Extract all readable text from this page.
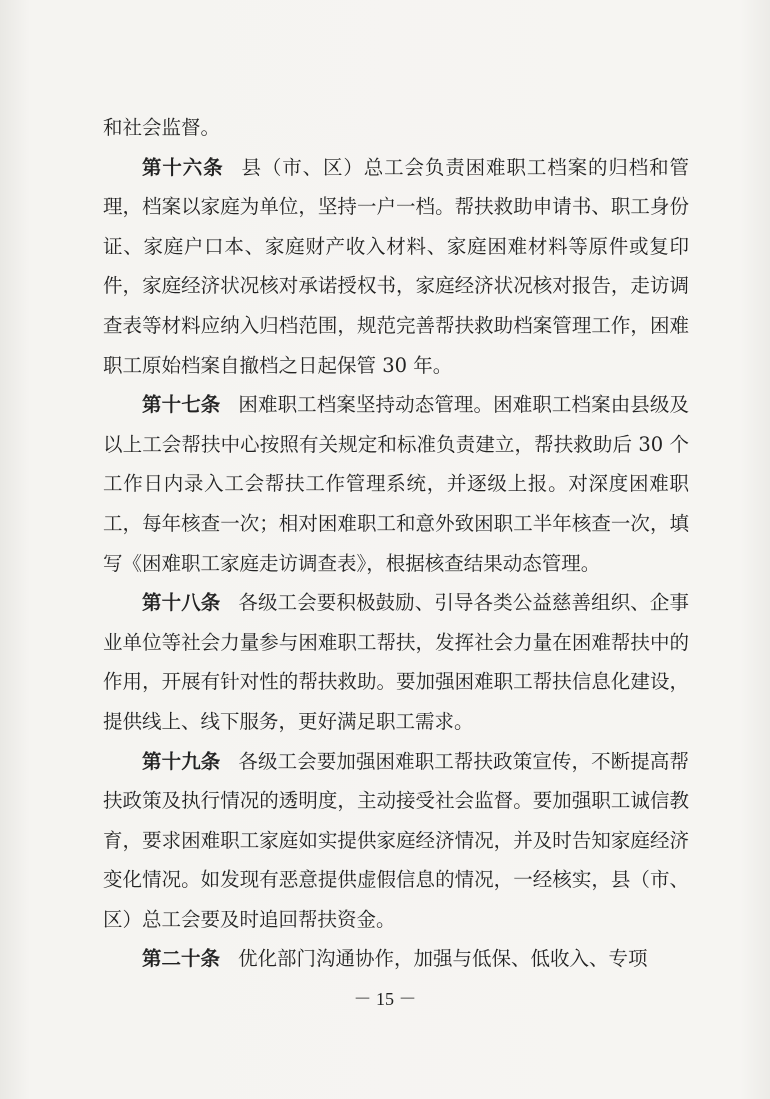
和社会监督。

第十六条 县（市、区）总工会负责困难职工档案的归档和管理，档案以家庭为单位，坚持一户一档。帮扶救助申请书、职工身份证、家庭户口本、家庭财产收入材料、家庭困难材料等原件或复印件，家庭经济状况核对承诺授权书，家庭经济状况核对报告，走访调查表等材料应纳入归档范围，规范完善帮扶救助档案管理工作，困难职工原始档案自撤档之日起保管 30 年。

第十七条 困难职工档案坚持动态管理。困难职工档案由县级及以上工会帮扶中心按照有关规定和标准负责建立，帮扶救助后 30 个工作日内录入工会帮扶工作管理系统，并逐级上报。对深度困难职工，每年核查一次；相对困难职工和意外致困职工半年核查一次，填写《困难职工家庭走访调查表》，根据核查结果动态管理。

第十八条 各级工会要积极鼓励、引导各类公益慈善组织、企事业单位等社会力量参与困难职工帮扶，发挥社会力量在困难帮扶中的作用，开展有针对性的帮扶救助。要加强困难职工帮扶信息化建设，提供线上、线下服务，更好满足职工需求。

第十九条 各级工会要加强困难职工帮扶政策宣传，不断提高帮扶政策及执行情况的透明度，主动接受社会监督。要加强职工诚信教育，要求困难职工家庭如实提供家庭经济情况，并及时告知家庭经济变化情况。如发现有恶意提供虚假信息的情况，一经核实，县（市、区）总工会要及时追回帮扶资金。

第二十条 优化部门沟通协作，加强与低保、低收入、专项

－ 15 －
